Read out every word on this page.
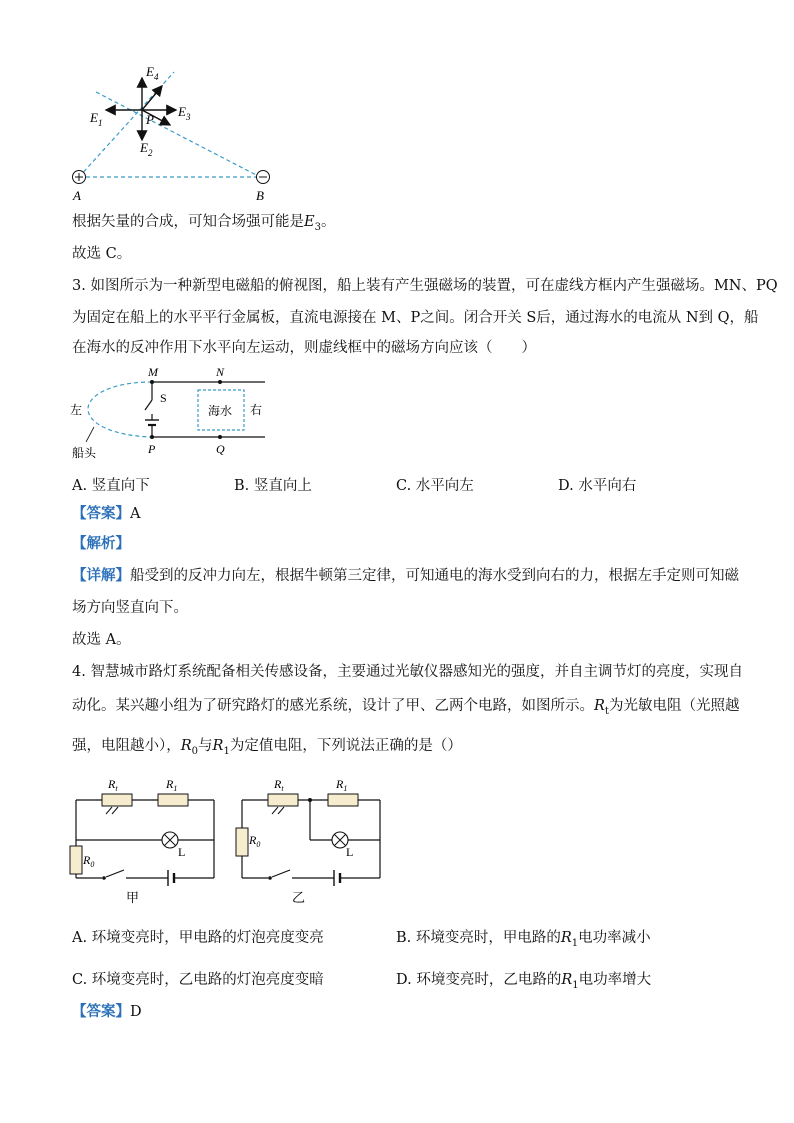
$E_4$
$E_1$
$E_3$
$E_2$
P
A	B
根据矢量的合成，可知合场强可能是$E_3$。
故选 C。
3. 如图所示为一种新型电磁船的俯视图，船上装有产生强磁场的装置，可在虚线方框内产生强磁场。MN、PQ
为固定在船上的水平平行金属板，直流电源接在 M、P之间。闭合开关 S后，通过海水的电流从 N到 Q，船
在海水的反冲作用下水平向左运动，则虚线框中的磁场方向应该（　　）
海水
M	N
P	Q
S
左	右
船头
A. 竖直向下	B. 竖直向上	C. 水平向左	D. 水平向右
【答案】A
【解析】
【详解】船受到的反冲力向左，根据牛顿第三定律，可知通电的海水受到向右的力，根据左手定则可知磁
场方向竖直向下。
故选 A。
4. 智慧城市路灯系统配备相关传感设备，主要通过光敏仪器感知光的强度，并自主调节灯的亮度，实现自
动化。某兴趣小组为了研究路灯的感光系统，设计了甲、乙两个电路，如图所示。$R_t$为光敏电阻（光照越
强，电阻越小），$R_0$与$R_1$为定值电阻，下列说法正确的是（）
$R_t$	$R_1$
$R_0$
L
甲
$R_t$	$R_1$
$R_0$
L
乙
A. 环境变亮时，甲电路的灯泡亮度变亮	B. 环境变亮时，甲电路的$R_1$电功率减小
C. 环境变亮时，乙电路的灯泡亮度变暗	D. 环境变亮时，乙电路的$R_1$电功率增大
【答案】D
